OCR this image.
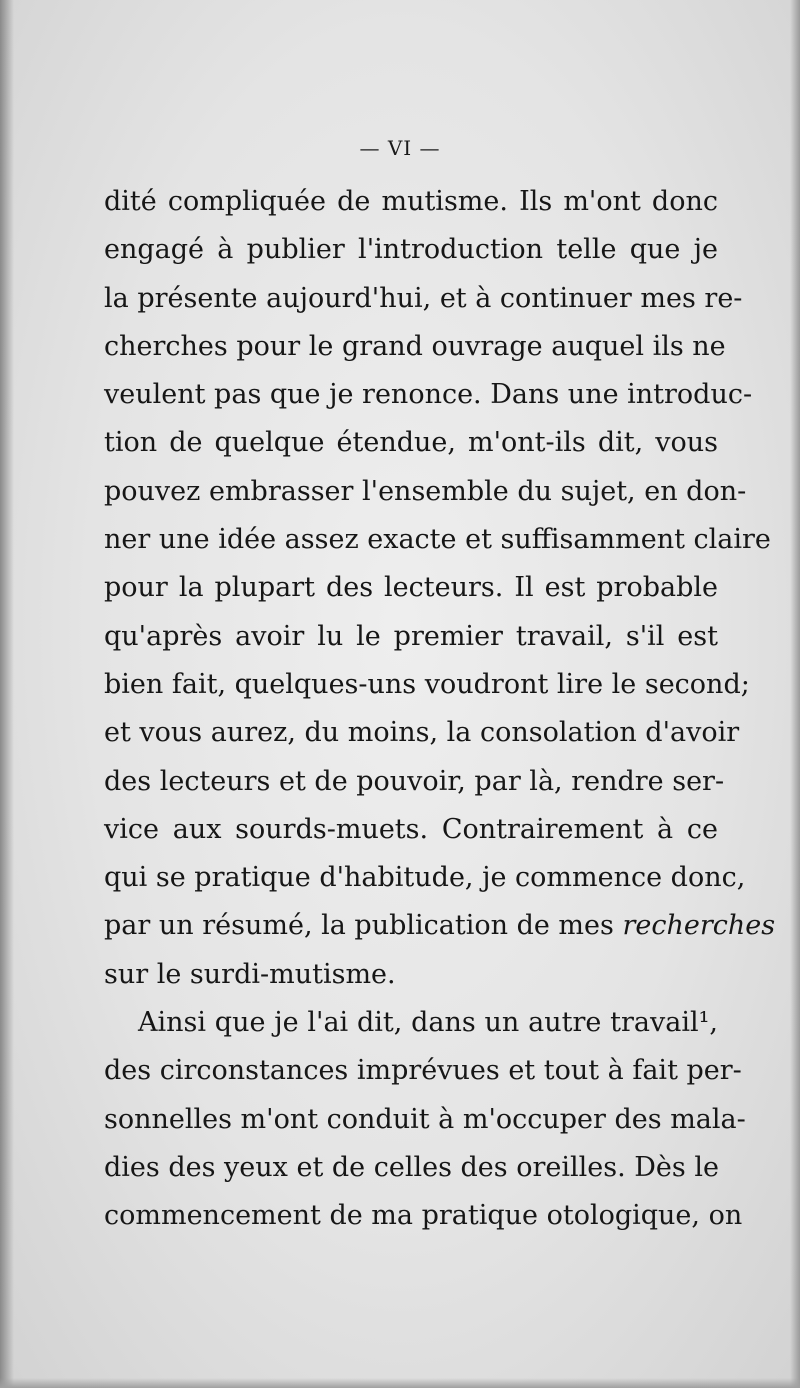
— VI —
dité compliquée de mutisme. Ils m'ont donc
engagé à publier l'introduction telle que je
la présente aujourd'hui, et à continuer mes re-
cherches pour le grand ouvrage auquel ils ne
veulent pas que je renonce. Dans une introduc-
tion de quelque étendue, m'ont-ils dit, vous
pouvez embrasser l'ensemble du sujet, en don-
ner une idée assez exacte et suffisamment claire
pour la plupart des lecteurs. Il est probable
qu'après avoir lu le premier travail, s'il est
bien fait, quelques-uns voudront lire le second;
et vous aurez, du moins, la consolation d'avoir
des lecteurs et de pouvoir, par là, rendre ser-
vice aux sourds-muets. Contrairement à ce
qui se pratique d'habitude, je commence donc,
par un résumé, la publication de mes recherches
sur le surdi-mutisme.
Ainsi que je l'ai dit, dans un autre travail¹,
des circonstances imprévues et tout à fait per-
sonnelles m'ont conduit à m'occuper des mala-
dies des yeux et de celles des oreilles. Dès le
commencement de ma pratique otologique, on
